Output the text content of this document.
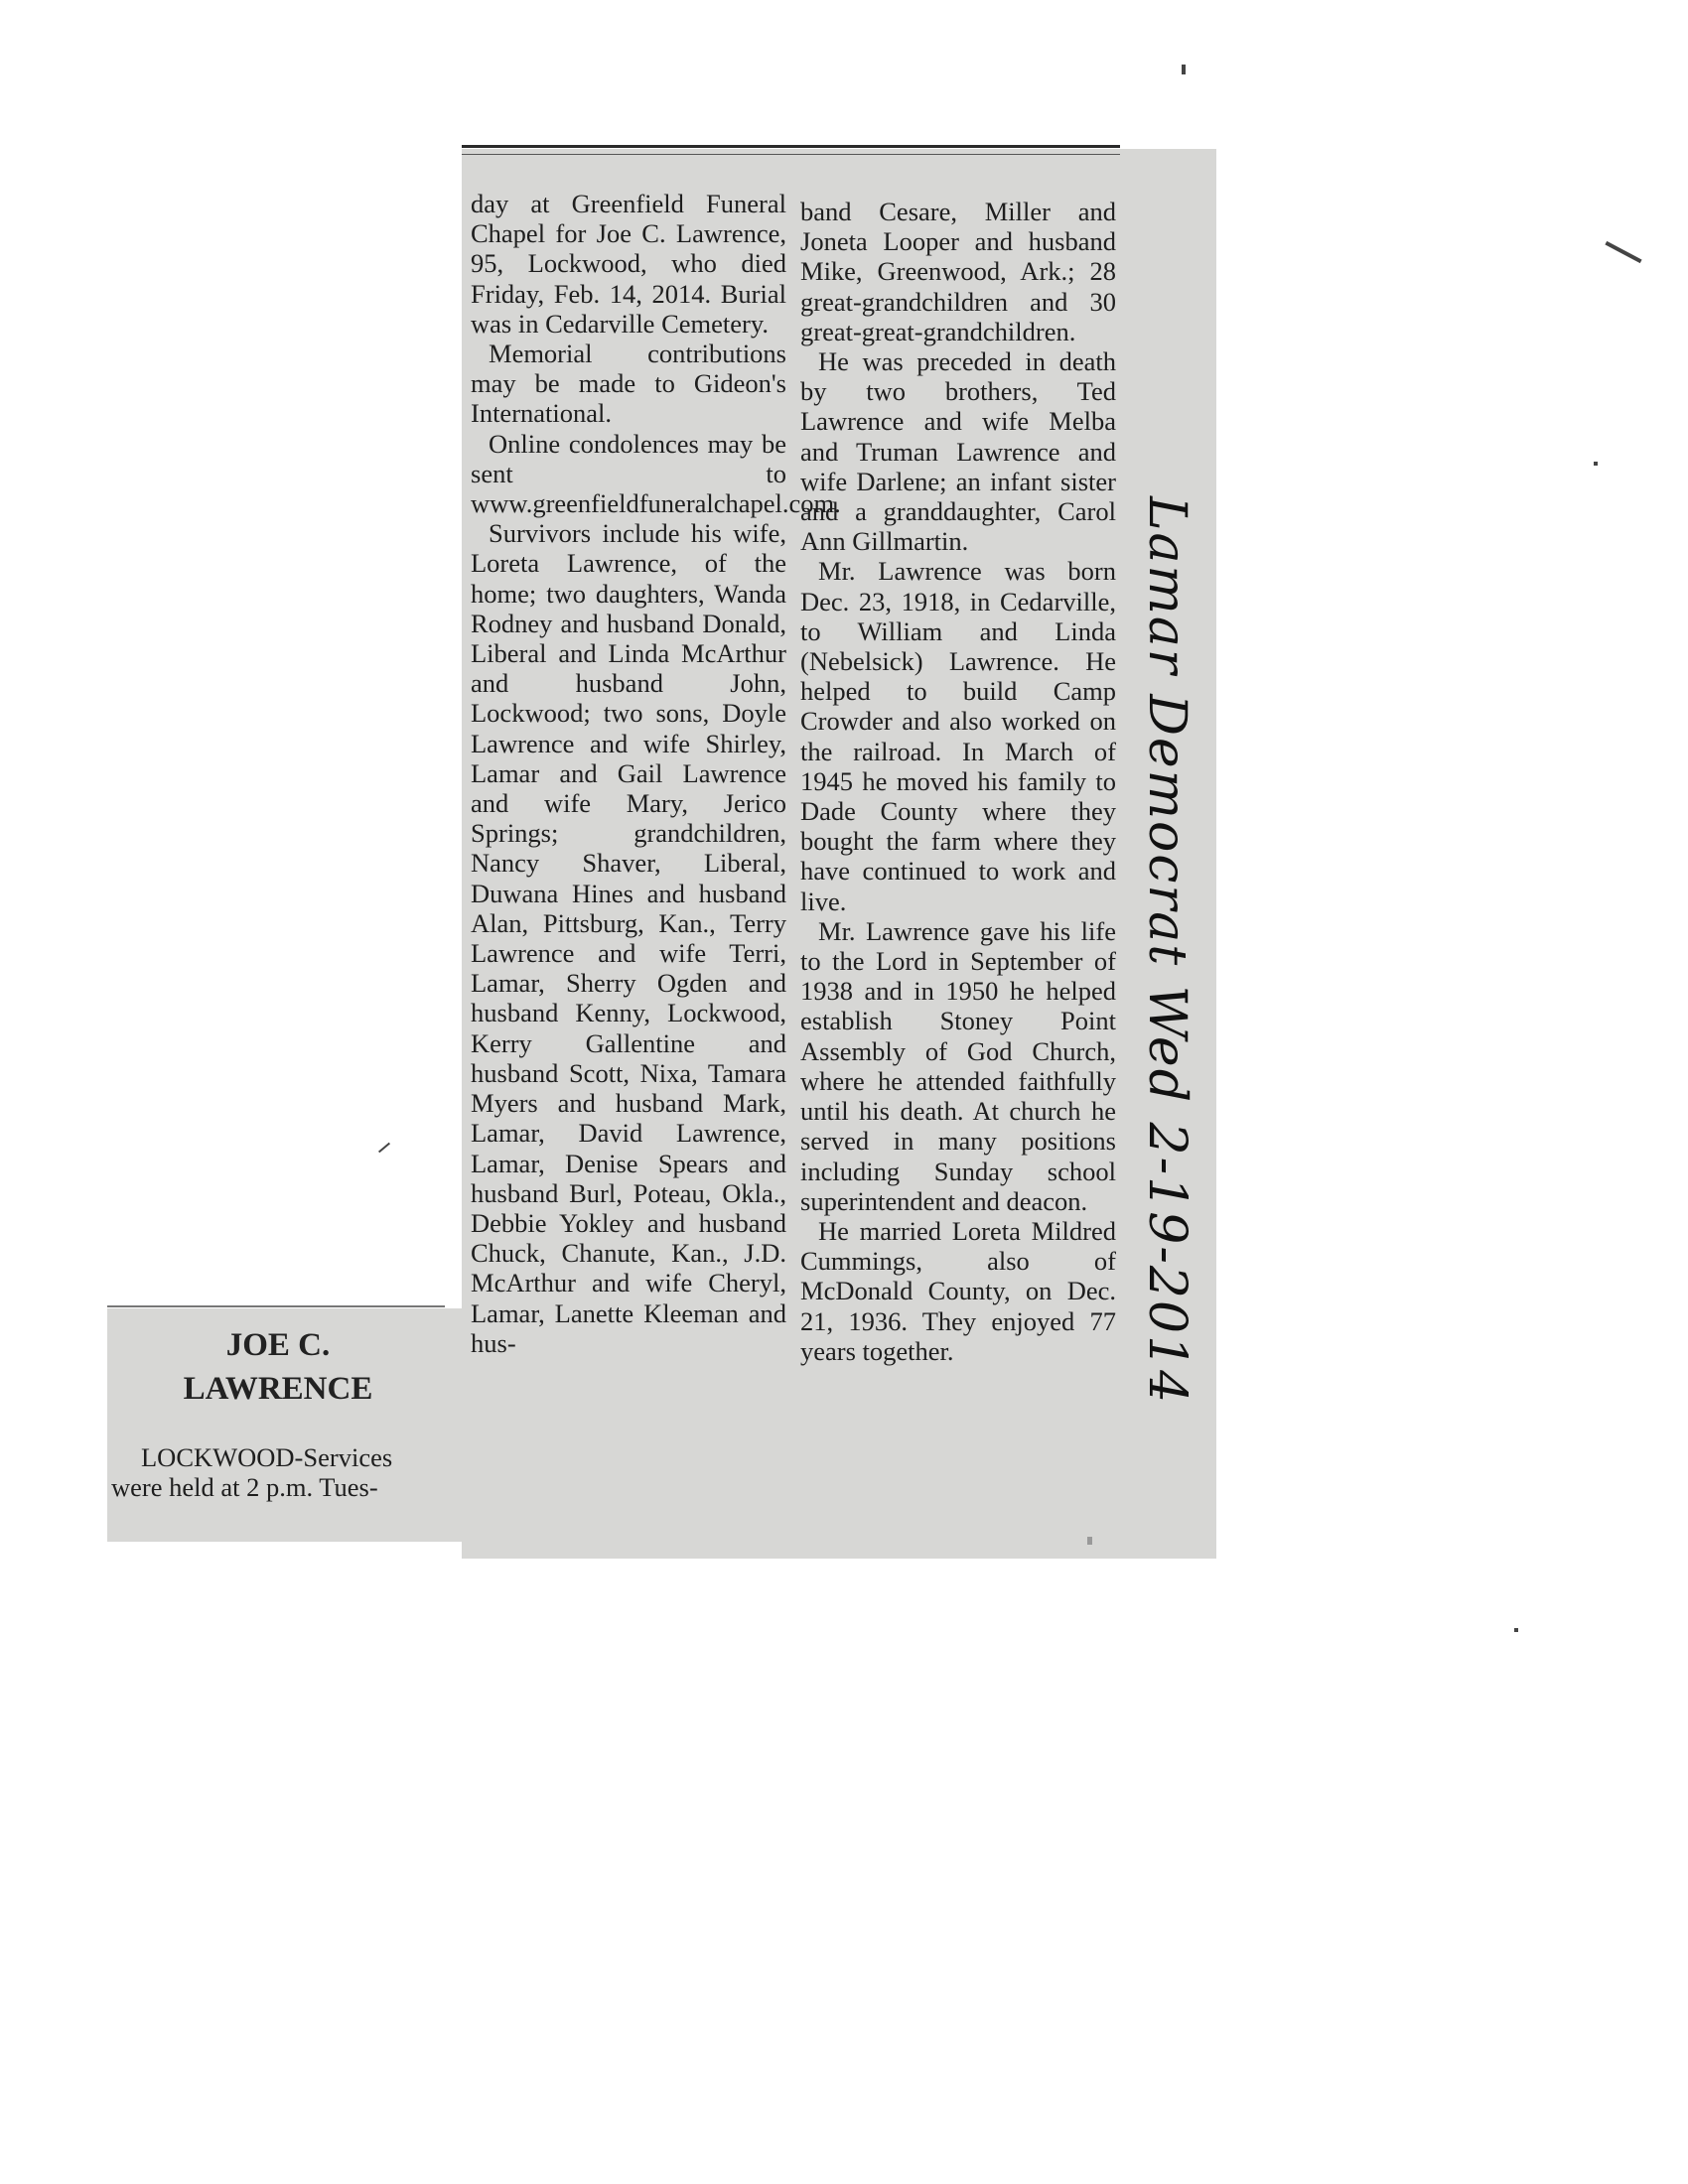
JOE C.
LAWRENCE

LOCKWOOD-Services were held at 2 p.m. Tues-

day at Greenfield Funeral Chapel for Joe C. Lawrence, 95, Lockwood, who died Friday, Feb. 14, 2014. Burial was in Cedarville Cemetery.

Memorial contributions may be made to Gideon's International.

Online condolences may be sent to www.greenfieldfuneralchapel.com.

Survivors include his wife, Loreta Lawrence, of the home; two daughters, Wanda Rodney and husband Donald, Liberal and Linda McArthur and husband John, Lockwood; two sons, Doyle Lawrence and wife Shirley, Lamar and Gail Lawrence and wife Mary, Jerico Springs; grandchildren, Nancy Shaver, Liberal, Duwana Hines and husband Alan, Pittsburg, Kan., Terry Lawrence and wife Terri, Lamar, Sherry Ogden and husband Kenny, Lockwood, Kerry Gallentine and husband Scott, Nixa, Tamara Myers and husband Mark, Lamar, David Lawrence, Lamar, Denise Spears and husband Burl, Poteau, Okla., Debbie Yokley and husband Chuck, Chanute, Kan., J.D. McArthur and wife Cheryl, Lamar, Lanette Kleeman and hus-

band Cesare, Miller and Joneta Looper and husband Mike, Greenwood, Ark.; 28 great-grandchildren and 30 great-great-grandchildren.

He was preceded in death by two brothers, Ted Lawrence and wife Melba and Truman Lawrence and wife Darlene; an infant sister and a granddaughter, Carol Ann Gillmartin.

Mr. Lawrence was born Dec. 23, 1918, in Cedarville, to William and Linda (Nebelsick) Lawrence. He helped to build Camp Crowder and also worked on the railroad. In March of 1945 he moved his family to Dade County where they bought the farm where they have continued to work and live.

Mr. Lawrence gave his life to the Lord in September of 1938 and in 1950 he helped establish Stoney Point Assembly of God Church, where he attended faithfully until his death. At church he served in many positions including Sunday school superintendent and deacon.

He married Loreta Mildred Cummings, also of McDonald County, on Dec. 21, 1936. They enjoyed 77 years together.	Lamar Democrat Wed 2-19-2014
